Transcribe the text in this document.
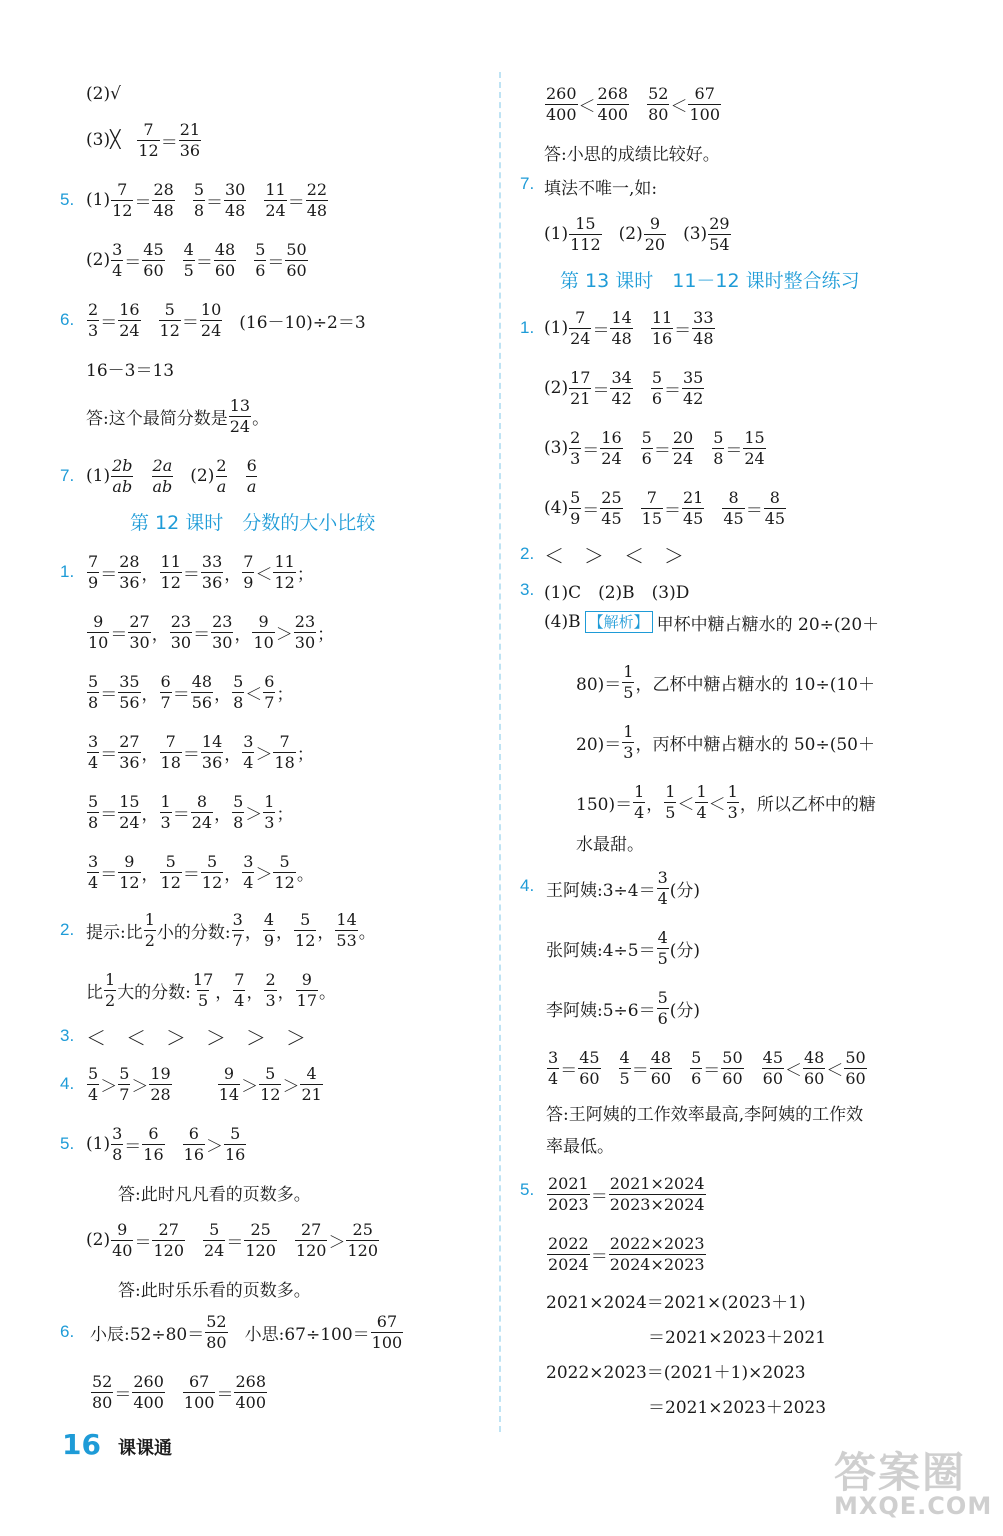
(2)√
(3)╳
7
12 ＝
21
36
5. (1)
7
12 ＝
28
48
5
8 ＝
30
48
11
24 ＝
22
48
(2)
3
4 ＝
45
60
4
5 ＝
48
60
5
6 ＝
50
60
6.
2
3 ＝
16
24
5
12 ＝
10
24 (16－10)÷2＝3
16－3＝13
答:这个最简分数是
13
24 。
7. (1)
2b
ab
2a
ab (2)
2
a
6
a
第 12 课时　分数的大小比较
1.
7
9 ＝
28
36 ，
11
12 ＝
33
36 ，
7
9 ＜
11
12 ；
9
10 ＝
27
30 ，
23
30 ＝
23
30 ，
9
10 ＞
23
30 ；
5
8 ＝
35
56 ，
6
7 ＝
48
56 ，
5
8 ＜
6
7 ；
3
4 ＝
27
36 ，
7
18 ＝
14
36 ，
3
4 ＞
7
18 ；
5
8 ＝
15
24 ，
1
3 ＝
8
24 ，
5
8 ＞
1
3 ；
3
4 ＝
9
12 ，
5
12 ＝
5
12 ，
3
4 ＞
5
12 。
2. 提示:比
1
2 小的分数:
3
7 ，
4
9 ，
5
12 ，
14
53 。
比
1
2 大的分数:
17
5 ，
7
4 ，
2
3 ，
9
17 。
3. ＜　＜　＞　＞　＞　＞
4.
5
4 ＞
5
7 ＞
19
28
9
14 ＞
5
12 ＞
4
21
5. (1)
3
8 ＝
6
16
6
16 ＞
5
16
答:此时凡凡看的页数多。
(2)
9
40 ＝
27
120
5
24 ＝
25
120
27
120 ＞
25
120
答:此时乐乐看的页数多。
6. 小辰:52÷80＝
52
80 小思:67÷100＝
67
100
52
80 ＝
260
400
67
100 ＝
268
400
260
400 ＜
268
400
52
80 ＜
67
100
答:小思的成绩比较好。
7. 填法不唯一,如:
(1)
15
112 (2)
9
20 (3)
29
54
第 13 课时　11－12 课时整合练习
1. (1)
7
24 ＝
14
48
11
16 ＝
33
48
(2)
17
21 ＝
34
42
5
6 ＝
35
42
(3)
2
3 ＝
16
24
5
6 ＝
20
24
5
8 ＝
15
24
(4)
5
9 ＝
25
45
7
15 ＝
21
45
8
45 ＝
8
45
2. ＜　＞　＜　＞
3. (1)C　(2)B　(3)D
(4)B 【解析】 甲杯中糖占糖水的 20÷(20＋
80)＝
1
5 ，乙杯中糖占糖水的 10÷(10＋
20)＝
1
3 ，丙杯中糖占糖水的 50÷(50＋
150)＝
1
4 ，
1
5 ＜
1
4 ＜
1
3 ，所以乙杯中的糖
水最甜。
4. 王阿姨:3÷4＝
3
4 (分)
张阿姨:4÷5＝
4
5 (分)
李阿姨:5÷6＝
5
6 (分)
3
4 ＝
45
60
4
5 ＝
48
60
5
6 ＝
50
60
45
60 ＜
48
60 ＜
50
60
答:王阿姨的工作效率最高,李阿姨的工作效
率最低。
5. 2021
2023 ＝
2021×2024
2023×2024
2022
2024 ＝
2022×2023
2024×2023
2021×2024＝2021×(2023＋1)
＝2021×2023＋2021
2022×2023＝(2021＋1)×2023
＝2021×2023＋2023
16 课课通	答案圈
MXQE.COM
